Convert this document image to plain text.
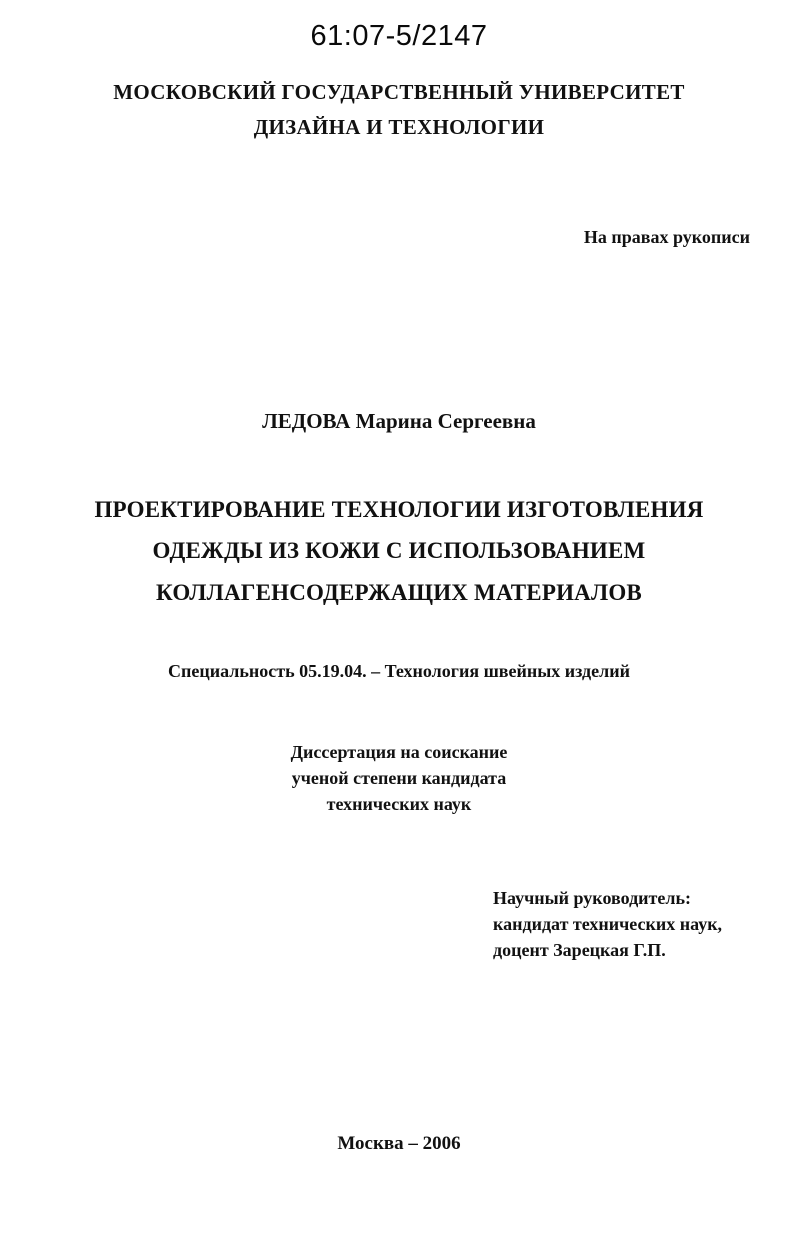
61:07-5/2147
МОСКОВСКИЙ ГОСУДАРСТВЕННЫЙ УНИВЕРСИТЕТ
ДИЗАЙНА И ТЕХНОЛОГИИ
На правах рукописи
ЛЕДОВА Марина Сергеевна
ПРОЕКТИРОВАНИЕ ТЕХНОЛОГИИ ИЗГОТОВЛЕНИЯ
ОДЕЖДЫ ИЗ КОЖИ С ИСПОЛЬЗОВАНИЕМ
КОЛЛАГЕНСОДЕРЖАЩИХ МАТЕРИАЛОВ
Специальность 05.19.04. – Технология швейных изделий
Диссертация на соискание
ученой степени кандидата
технических наук
Научный руководитель:
кандидат технических наук,
доцент Зарецкая Г.П.
Москва – 2006
